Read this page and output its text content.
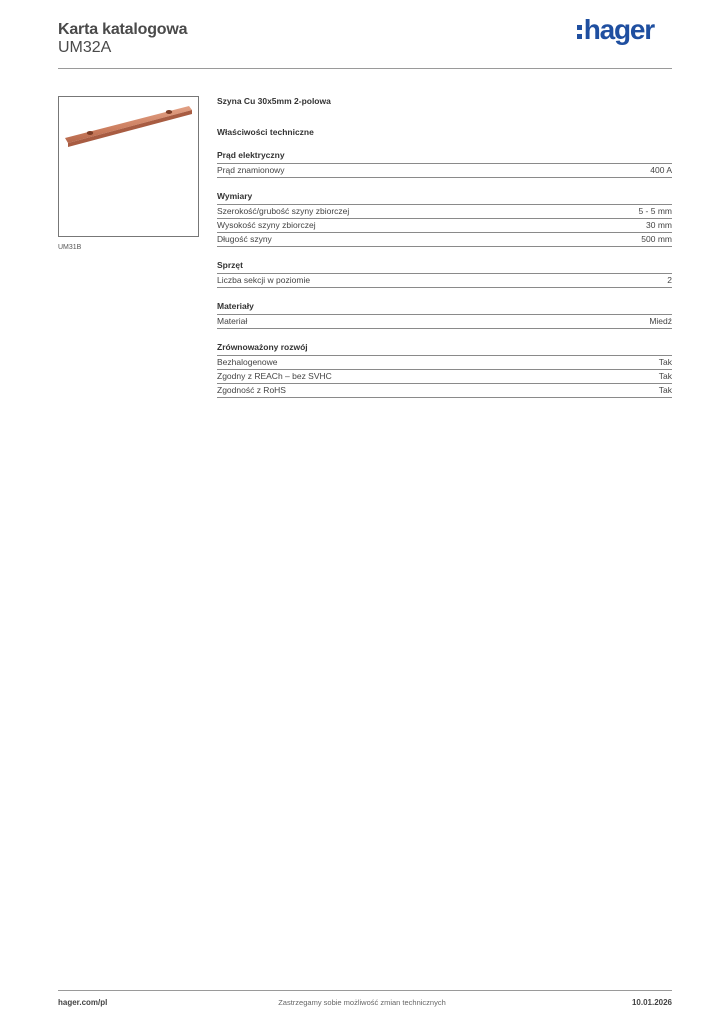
Karta katalogowa
UM32A
hager
UM31B
Szyna Cu 30x5mm 2-polowa
Właściwości techniczne
Prąd elektryczny
Prąd znamionowy	400 A
Wymiary
Szerokość/grubość szyny zbiorczej	5 - 5 mm
Wysokość szyny zbiorczej	30 mm
Długość szyny	500 mm
Sprzęt
Liczba sekcji w poziomie	2
Materiały
Materiał	Miedź
Zrównoważony rozwój
Bezhalogenowe	Tak
Zgodny z REACh – bez SVHC	Tak
Zgodność z RoHS	Tak
hager.com/pl	Zastrzegamy sobie możliwość zmian technicznych	10.01.2026
